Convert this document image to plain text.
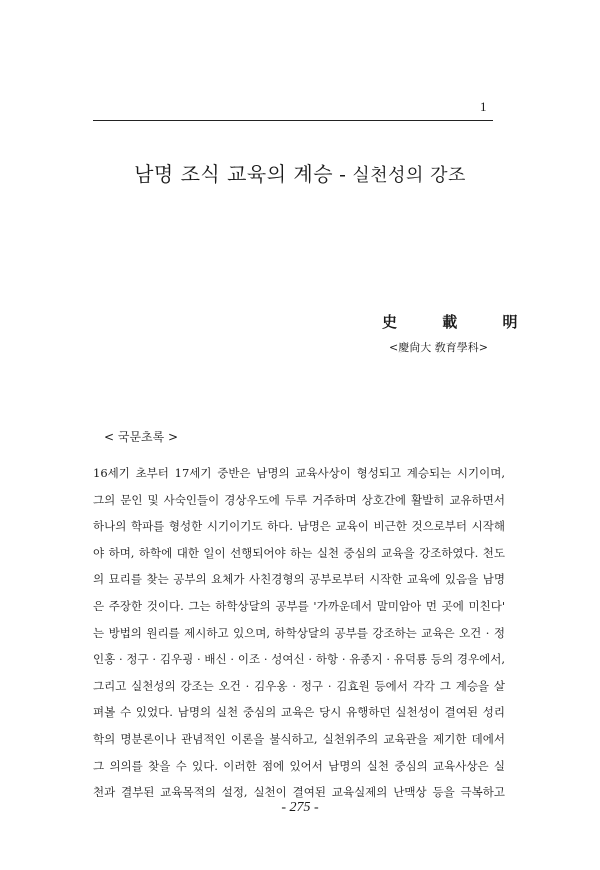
1
남명 조식 교육의 계승 - 실천성의 강조
史 載 明
<慶尙大 敎育學科>
< 국문초록 >
16세기 초부터 17세기 중반은 남명의 교육사상이 형성되고 계승되는 시기이며,
그의 문인 및 사숙인들이 경상우도에 두루 거주하며 상호간에 활발히 교유하면서
하나의 학파를 형성한 시기이기도 하다. 남명은 교육이 비근한 것으로부터 시작해
야 하며, 하학에 대한 일이 선행되어야 하는 실천 중심의 교육을 강조하였다. 천도
의 묘리를 찾는 공부의 요체가 사친경형의 공부로부터 시작한 교육에 있음을 남명
은 주장한 것이다. 그는 하학상달의 공부를 '가까운데서 말미암아 먼 곳에 미친다'
는 방법의 원리를 제시하고 있으며, 하학상달의 공부를 강조하는 교육은 오건 · 정
인홍 · 정구 · 김우굉 · 배신 · 이조 · 성여신 · 하항 · 유종지 · 유덕룡 등의 경우에서,
그리고 실천성의 강조는 오건 · 김우옹 · 정구 · 김효원 등에서 각각 그 계승을 살
펴볼 수 있었다. 남명의 실천 중심의 교육은 당시 유행하던 실천성이 결여된 성리
학의 명분론이나 관념적인 이론을 불식하고, 실천위주의 교육관을 제기한 데에서
그 의의를 찾을 수 있다. 이러한 점에 있어서 남명의 실천 중심의 교육사상은 실
천과 결부된 교육목적의 설정, 실천이 결여된 교육실제의 난맥상 등을 극복하고
- 275 -
